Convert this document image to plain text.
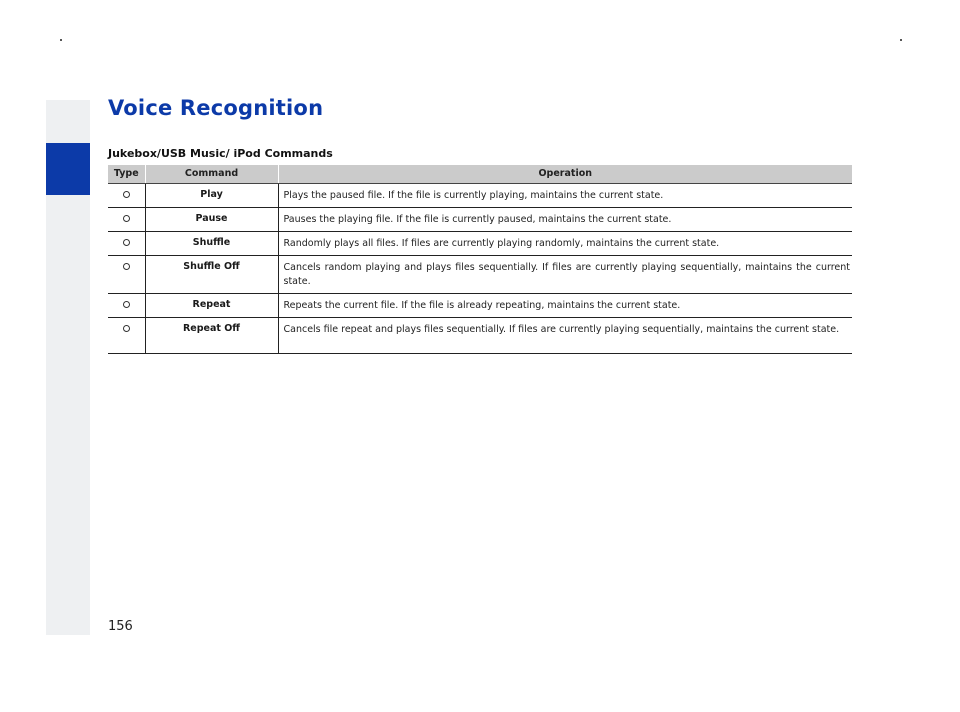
Voice Recognition
Jukebox/USB Music/ iPod Commands
Type	Command	Operation
	Play	Plays the paused file. If the file is currently playing, maintains the current state.
	Pause	Pauses the playing file. If the file is currently paused, maintains the current state.
	Shuffle	Randomly plays all files. If files are currently playing randomly, maintains the current state.
	Shuffle Off	Cancels random playing and plays files sequentially. If files are currently playing sequentially, maintains the current state.
	Repeat	Repeats the current file. If the file is already repeating, maintains the current state.
	Repeat Off	Cancels file repeat and plays files sequentially. If files are currently playing sequentially, maintains the current state.
156
